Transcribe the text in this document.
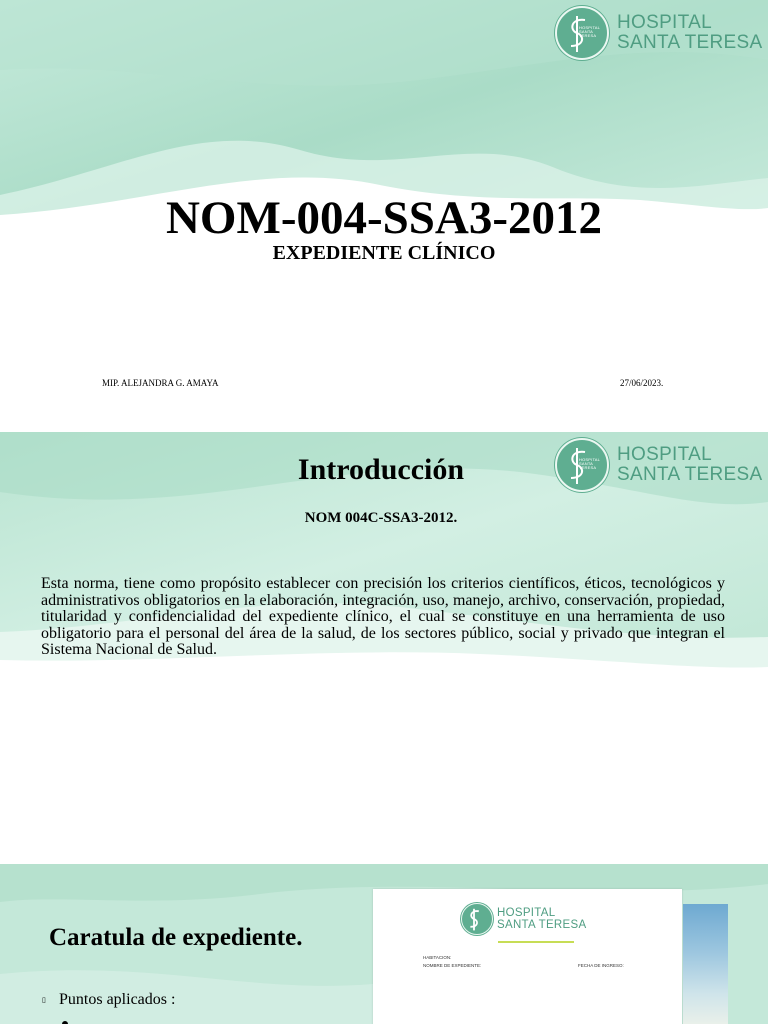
HOSPITAL
SANTA
TERESA
HOSPITAL
SANTA TERESA
NOM-004-SSA3-2012
EXPEDIENTE CLÍNICO
MIP. ALEJANDRA G. AMAYA	27/06/2023.
HOSPITAL
SANTA
TERESA
HOSPITAL
SANTA TERESA
Introducción
NOM 004C-SSA3-2012.

Esta norma, tiene como propósito establecer con precisión los criterios científicos, éticos, tecnológicos y administrativos obligatorios en la elaboración, integración, uso, manejo, archivo, conservación, propiedad, titularidad y confidencialidad del expediente clínico, el cual se constituye en una herramienta de uso obligatorio para el personal del área de la salud, de los sectores público, social y privado que integran el Sistema Nacional de Salud.

Caratula de expediente.
▯ Puntos aplicados :
HOSPITAL
SANTA TERESA
HABITACION:
NOMBRE DE EXPEDIENTE:	FECHA DE INGRESO:
